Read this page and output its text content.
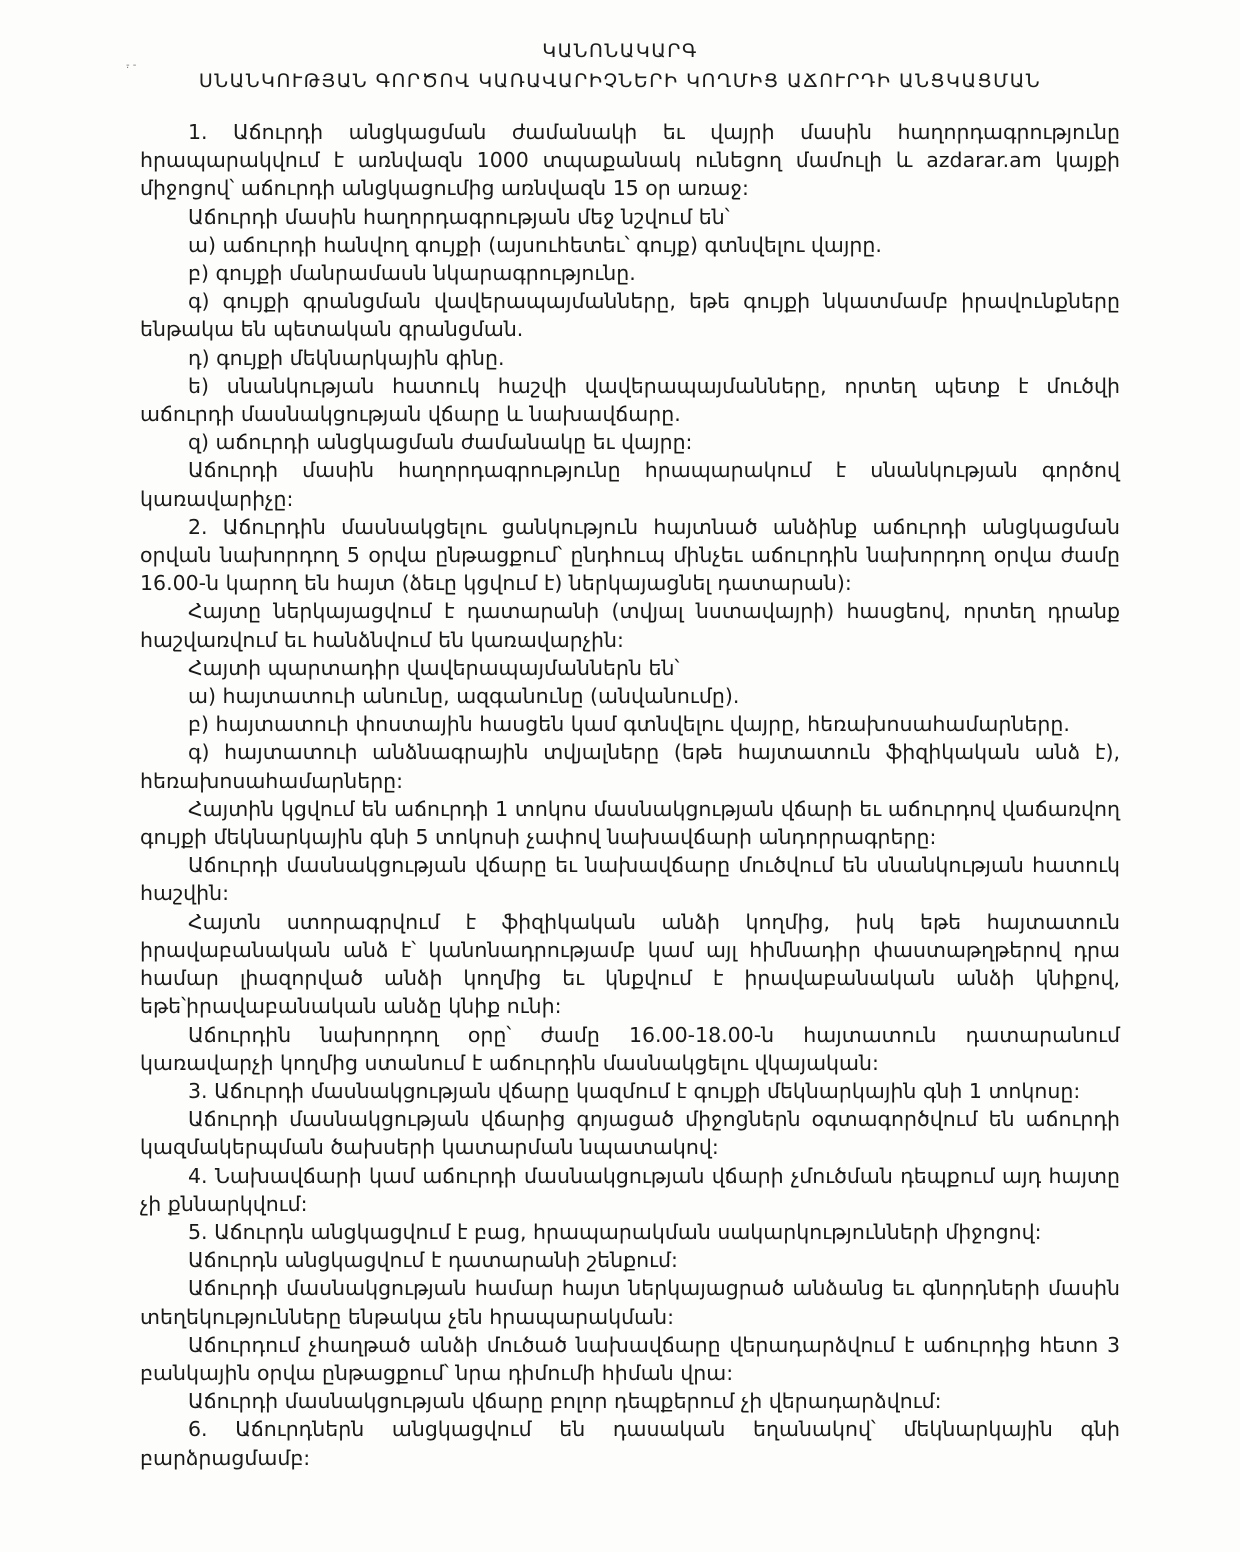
- - ·
ԿԱՆՈՆԱԿԱՐԳ
ՍՆԱՆԿՈՒԹՅԱՆ ԳՈՐԾՈՎ ԿԱՌԱՎԱՐԻՉՆԵՐԻ ԿՈՂՄԻՑ ԱՃՈՒՐԴԻ ԱՆՑԿԱՑՄԱՆ

1. Աճուրդի անցկացման ժամանակի եւ վայրի մասին հաղորդագրությունը հրապարակվում է առնվազն 1000 տպաքանակ ունեցող մամուլի և azdarar.am կայքի միջոցով՝ աճուրդի անցկացումից առնվազն 15 օր առաջ:

Աճուրդի մասին հաղորդագրության մեջ նշվում են՝

ա) աճուրդի հանվող գույքի (այսուհետեւ՝ գույք) գտնվելու վայրը.

բ) գույքի մանրամասն նկարագրությունը.

գ) գույքի գրանցման վավերապայմանները, եթե գույքի նկատմամբ իրավունքները ենթակա են պետական գրանցման.

դ) գույքի մեկնարկային գինը.

ե) սնանկության հատուկ հաշվի վավերապայմանները, որտեղ պետք է մուծվի աճուրդի մասնակցության վճարը և նախավճարը.

զ) աճուրդի անցկացման ժամանակը եւ վայրը:

Աճուրդի մասին հաղորդագրությունը հրապարակում է սնանկության գործով կառավարիչը:

2. Աճուրդին մասնակցելու ցանկություն հայտնած անձինք աճուրդի անցկացման օրվան նախորդող 5 օրվա ընթացքում՝ ընդհուպ մինչեւ աճուրդին նախորդող օրվա ժամը 16.00-ն կարող են հայտ (ձեւը կցվում է) ներկայացնել դատարան):

Հայտը ներկայացվում է դատարանի (տվյալ նստավայրի) հասցեով, որտեղ դրանք հաշվառվում եւ հանձնվում են կառավարչին:

Հայտի պարտադիր վավերապայմաններն են՝

ա) հայտատուի անունը, ազգանունը (անվանումը).

բ) հայտատուի փոստային հասցեն կամ գտնվելու վայրը, հեռախոսահամարները.

գ) հայտատուի անձնագրային տվյալները (եթե հայտատուն ֆիզիկական անձ է), հեռախոսահամարները:

Հայտին կցվում են աճուրդի 1 տոկոս մասնակցության վճարի եւ աճուրդով վաճառվող գույքի մեկնարկային գնի 5 տոկոսի չափով նախավճարի անդորրագրերը:

Աճուրդի մասնակցության վճարը եւ նախավճարը մուծվում են սնանկության հատուկ հաշվին:

Հայտն ստորագրվում է ֆիզիկական անձի կողմից, իսկ եթե հայտատուն իրավաբանական անձ է՝ կանոնադրությամբ կամ այլ հիմնադիր փաստաթղթերով դրա համար լիազորված անձի կողմից եւ կնքվում է իրավաբանական անձի կնիքով, եթե՝իրավաբանական անձը կնիք ունի:

Աճուրդին նախորդող օրը՝ ժամը 16.00-18.00-ն հայտատուն դատարանում կառավարչի կողմից ստանում է աճուրդին մասնակցելու վկայական:

3. Աճուրդի մասնակցության վճարը կազմում է գույքի մեկնարկային գնի 1 տոկոսը:

Աճուրդի մասնակցության վճարից գոյացած միջոցներն օգտագործվում են աճուրդի կազմակերպման ծախսերի կատարման նպատակով:

4. Նախավճարի կամ աճուրդի մասնակցության վճարի չմուծման դեպքում այդ հայտը չի քննարկվում:

5. Աճուրդն անցկացվում է բաց, հրապարակման սակարկությունների միջոցով:

Աճուրդն անցկացվում է դատարանի շենքում:

Աճուրդի մասնակցության համար հայտ ներկայացրած անձանց եւ գնորդների մասին տեղեկությունները ենթակա չեն հրապարակման:

Աճուրդում չհաղթած անձի մուծած նախավճարը վերադարձվում է աճուրդից հետո 3 բանկային օրվա ընթացքում՝ նրա դիմումի հիման վրա:

Աճուրդի մասնակցության վճարը բոլոր դեպքերում չի վերադարձվում:

6. Աճուրդներն անցկացվում են դասական եղանակով՝ մեկնարկային գնի բարձրացմամբ:
